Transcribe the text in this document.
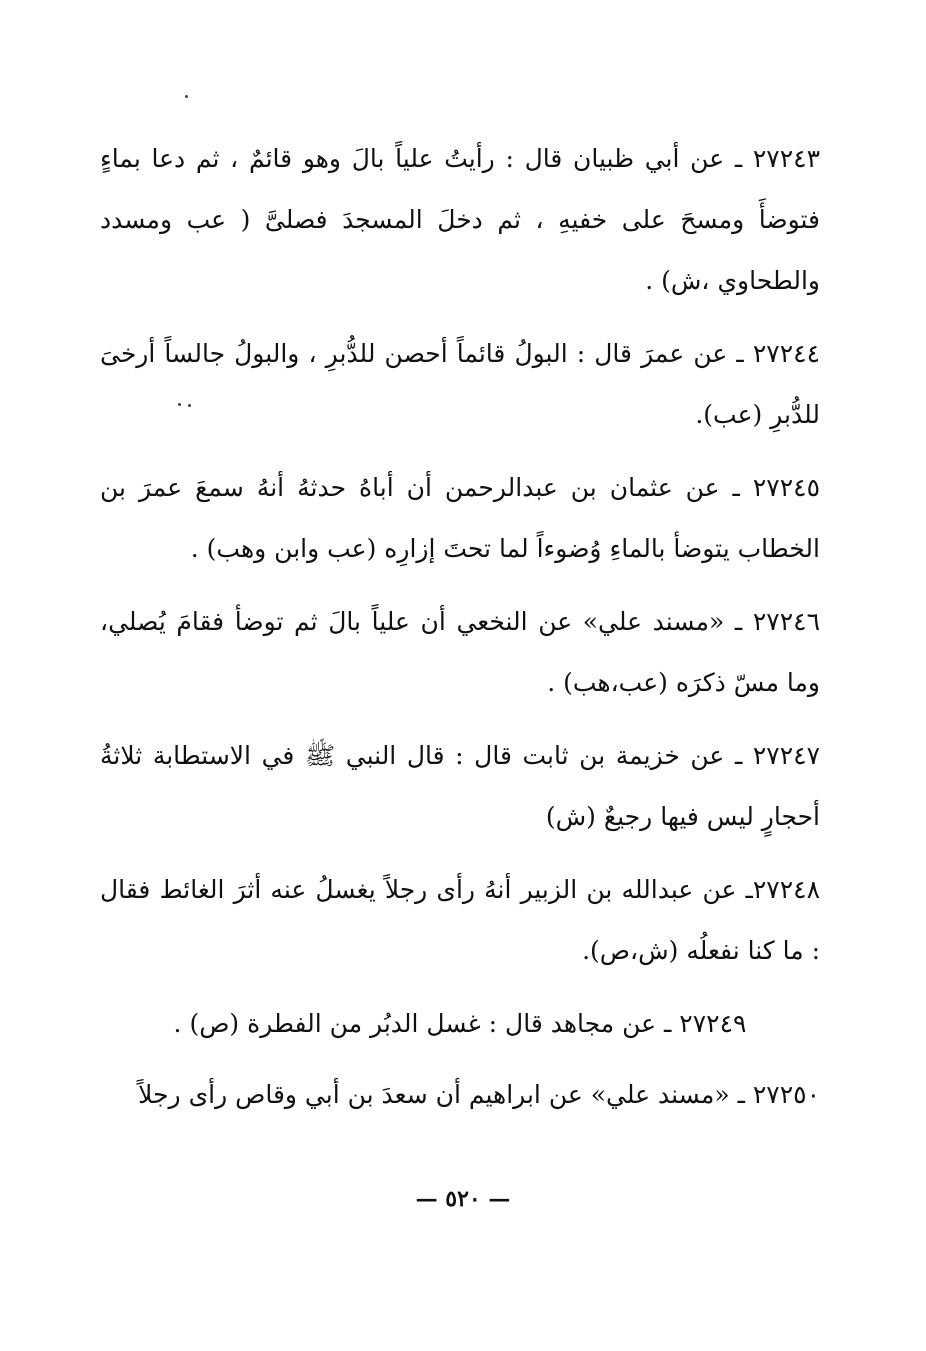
٢٧٢٤٣ ـ عن أبي ظبيان قال : رأيتُ علياً بالَ وهو قائمٌ ، ثم دعا بماءٍ فتوضأَ ومسحَ على خفيهِ ، ثم دخلَ المسجدَ فصلىَّ ( عب ومسدد والطحاوي ،ش) .

٢٧٢٤٤ ـ عن عمرَ قال : البولُ قائماً أحصن للدُّبرِ ، والبولُ جالساً أرخىَ للدُّبرِ (عب).

٢٧٢٤٥ ـ عن عثمان بن عبدالرحمن أن أباهُ حدثهُ أنهُ سمعَ عمرَ بن الخطاب يتوضأ بالماءِ وُضوءاً لما تحتَ إزارِه (عب وابن وهب) .

٢٧٢٤٦ ـ «مسند علي» عن النخعي أن علياً بالَ ثم توضأ فقامَ يُصلي، وما مسّ ذكرَه (عب،هب) .

٢٧٢٤٧ ـ عن خزيمة بن ثابت قال : قال النبي ﷺ في الاستطابة ثلاثةُ أحجارٍ ليس فيها رجيعٌ (ش)

٢٧٢٤٨ـ عن عبدالله بن الزبير أنهُ رأى رجلاً يغسلُ عنه أثرَ الغائط فقال : ما كنا نفعلُه (ش،ص).

٢٧٢٤٩ ـ عن مجاهد قال : غسل الدبُر من الفطرة (ص) .

٢٧٢٥٠ ـ «مسند علي» عن ابراهيم أن سعدَ بن أبي وقاص رأى رجلاً

— ٥٢٠ —
